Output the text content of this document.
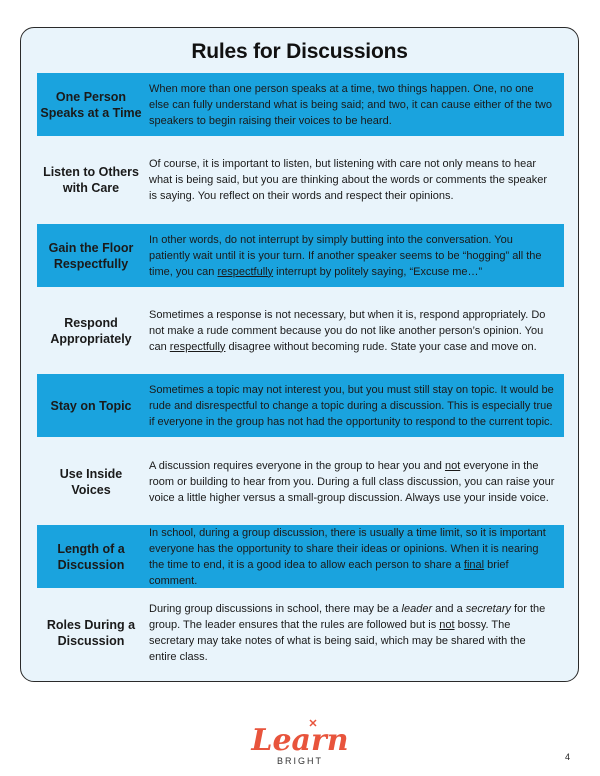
Rules for Discussions
One Person Speaks at a Time
When more than one person speaks at a time, two things happen. One, no one else can fully understand what is being said; and two, it can cause either of the two speakers to begin raising their voices to be heard.
Listen to Others with Care
Of course, it is important to listen, but listening with care not only means to hear what is being said, but you are thinking about the words or comments the speaker is saying. You reflect on their words and respect their opinions.
Gain the Floor Respectfully
In other words, do not interrupt by simply butting into the conversation. You patiently wait until it is your turn. If another speaker seems to be “hogging” all the time, you can respectfully interrupt by politely saying, “Excuse me…”
Respond Appropriately
Sometimes a response is not necessary, but when it is, respond appropriately. Do not make a rude comment because you do not like another person’s opinion. You can respectfully disagree without becoming rude. State your case and move on.
Stay on Topic
Sometimes a topic may not interest you, but you must still stay on topic. It would be rude and disrespectful to change a topic during a discussion. This is especially true if everyone in the group has not had the opportunity to respond to the current topic.
Use Inside Voices
A discussion requires everyone in the group to hear you and not everyone in the room or building to hear from you. During a full class discussion, you can raise your voice a little higher versus a small-group discussion. Always use your inside voice.
Length of a Discussion
In school, during a group discussion, there is usually a time limit, so it is important everyone has the opportunity to share their ideas or opinions. When it is nearing the time to end, it is a good idea to allow each person to share a final brief comment.
Roles During a Discussion
During group discussions in school, there may be a leader and a secretary for the group. The leader ensures that the rules are followed but is not bossy. The secretary may take notes of what is being said, which may be shared with the entire class.
Learn
BRIGHT	4
